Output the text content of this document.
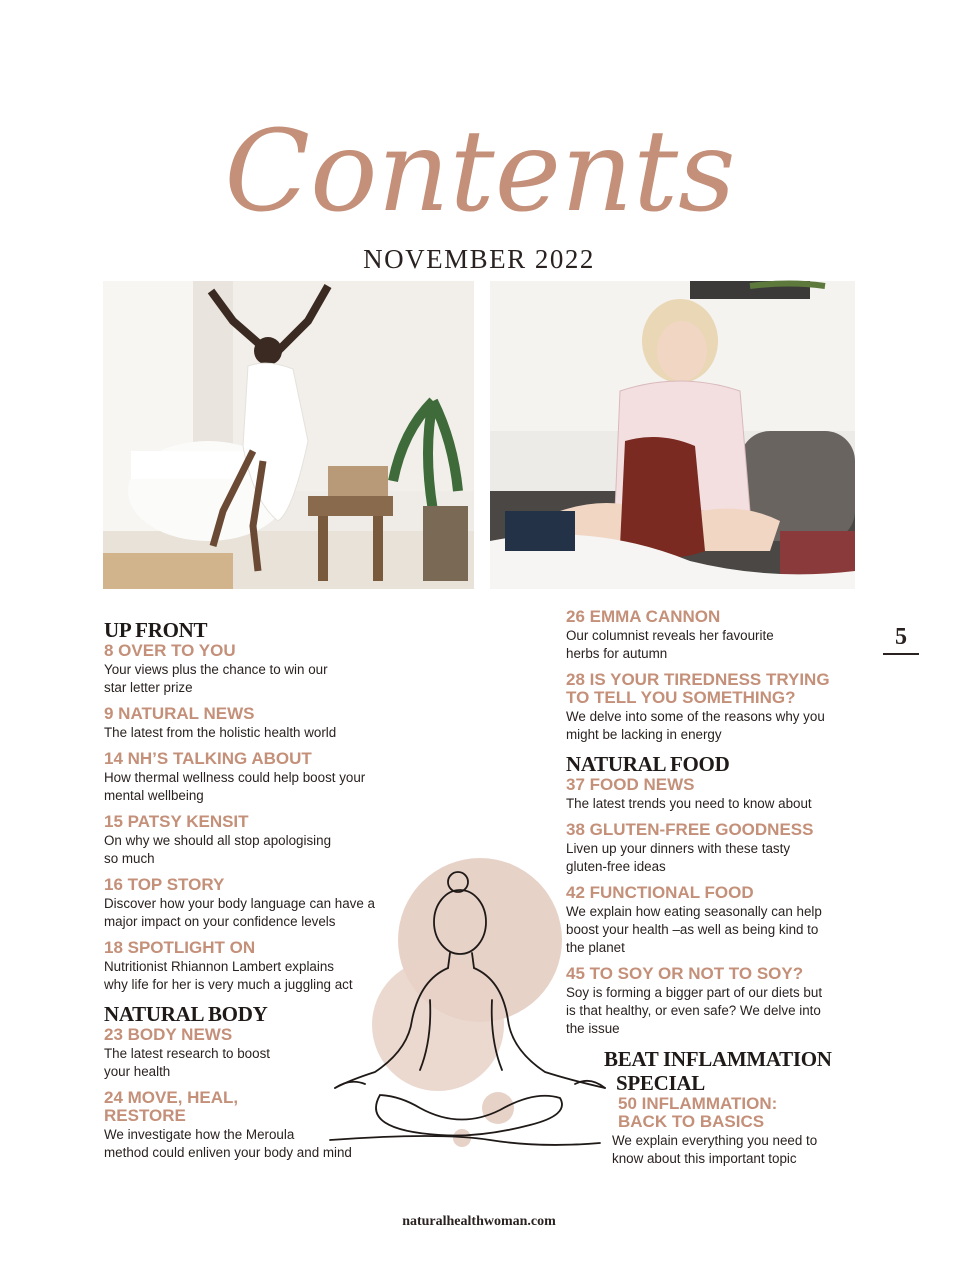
Contents
NOVEMBER 2022
5
UP FRONT

8 OVER TO YOU

Your views plus the chance to win our
star letter prize

9 NATURAL NEWS

The latest from the holistic health world

14 NH’S TALKING ABOUT

How thermal wellness could help boost your
mental wellbeing

15 PATSY KENSIT

On why we should all stop apologising
so much

16 TOP STORY

Discover how your body language can have a
major impact on your confidence levels

18 SPOTLIGHT ON

Nutritionist Rhiannon Lambert explains
why life for her is very much a juggling act

NATURAL BODY

23 BODY NEWS

The latest research to boost
your health

24 MOVE, HEAL,
RESTORE

We investigate how the Meroula
method could enliven your body and mind

26 EMMA CANNON

Our columnist reveals her favourite
herbs for autumn

28 IS YOUR TIREDNESS TRYING
TO TELL YOU SOMETHING?

We delve into some of the reasons why you
might be lacking in energy

NATURAL FOOD

37 FOOD NEWS

The latest trends you need to know about

38 GLUTEN-FREE GOODNESS

Liven up your dinners with these tasty
gluten-free ideas

42 FUNCTIONAL FOOD

We explain how eating seasonally can help
boost your health –as well as being kind to
the planet

45 TO SOY OR NOT TO SOY?

Soy is forming a bigger part of our diets but
is that healthy, or even safe? We delve into
the issue

BEAT INFLAMMATION
SPECIAL

50 INFLAMMATION:
BACK TO BASICS

We explain everything you need to
know about this important topic

naturalhealthwoman.com
